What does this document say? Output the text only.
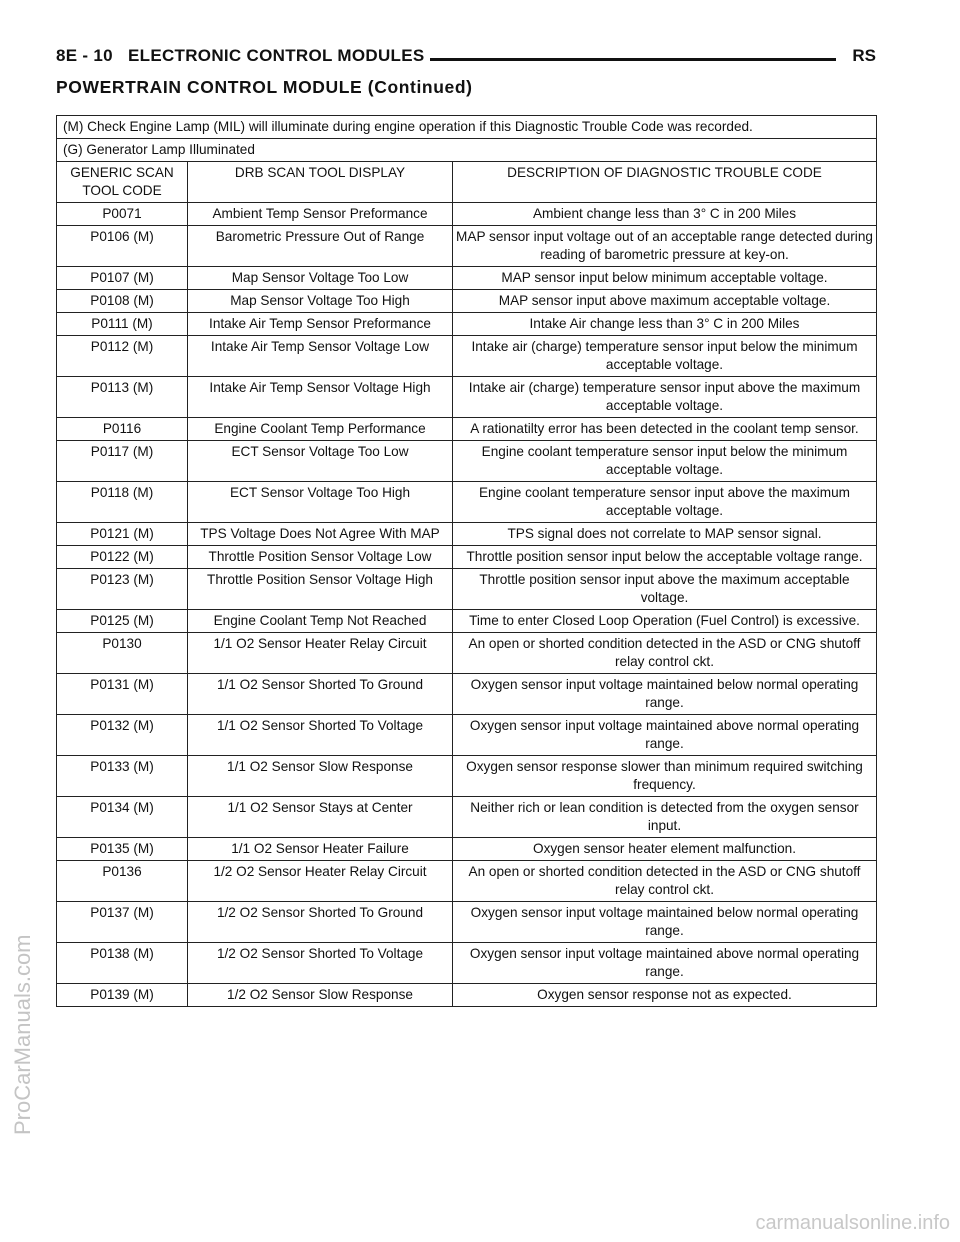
8E - 10 ELECTRONIC CONTROL MODULES	RS
POWERTRAIN CONTROL MODULE (Continued)
(M) Check Engine Lamp (MIL) will illuminate during engine operation if this Diagnostic Trouble Code was recorded.		
(G) Generator Lamp Illuminated		
GENERIC SCAN TOOL CODE	DRB SCAN TOOL DISPLAY	DESCRIPTION OF DIAGNOSTIC TROUBLE CODE
P0071	Ambient Temp Sensor Preformance	Ambient change less than 3° C in 200 Miles
P0106 (M)	Barometric Pressure Out of Range	MAP sensor input voltage out of an acceptable range detected during reading of barometric pressure at key-on.
P0107 (M)	Map Sensor Voltage Too Low	MAP sensor input below minimum acceptable voltage.
P0108 (M)	Map Sensor Voltage Too High	MAP sensor input above maximum acceptable voltage.
P0111 (M)	Intake Air Temp Sensor Preformance	Intake Air change less than 3° C in 200 Miles
P0112 (M)	Intake Air Temp Sensor Voltage Low	Intake air (charge) temperature sensor input below the minimum acceptable voltage.
P0113 (M)	Intake Air Temp Sensor Voltage High	Intake air (charge) temperature sensor input above the maximum acceptable voltage.
P0116	Engine Coolant Temp Performance	A rationatilty error has been detected in the coolant temp sensor.
P0117 (M)	ECT Sensor Voltage Too Low	Engine coolant temperature sensor input below the minimum acceptable voltage.
P0118 (M)	ECT Sensor Voltage Too High	Engine coolant temperature sensor input above the maximum acceptable voltage.
P0121 (M)	TPS Voltage Does Not Agree With MAP	TPS signal does not correlate to MAP sensor signal.
P0122 (M)	Throttle Position Sensor Voltage Low	Throttle position sensor input below the acceptable voltage range.
P0123 (M)	Throttle Position Sensor Voltage High	Throttle position sensor input above the maximum acceptable voltage.
P0125 (M)	Engine Coolant Temp Not Reached	Time to enter Closed Loop Operation (Fuel Control) is excessive.
P0130	1/1 O2 Sensor Heater Relay Circuit	An open or shorted condition detected in the ASD or CNG shutoff relay control ckt.
P0131 (M)	1/1 O2 Sensor Shorted To Ground	Oxygen sensor input voltage maintained below normal operating range.
P0132 (M)	1/1 O2 Sensor Shorted To Voltage	Oxygen sensor input voltage maintained above normal operating range.
P0133 (M)	1/1 O2 Sensor Slow Response	Oxygen sensor response slower than minimum required switching frequency.
P0134 (M)	1/1 O2 Sensor Stays at Center	Neither rich or lean condition is detected from the oxygen sensor input.
P0135 (M)	1/1 O2 Sensor Heater Failure	Oxygen sensor heater element malfunction.
P0136	1/2 O2 Sensor Heater Relay Circuit	An open or shorted condition detected in the ASD or CNG shutoff relay control ckt.
P0137 (M)	1/2 O2 Sensor Shorted To Ground	Oxygen sensor input voltage maintained below normal operating range.
P0138 (M)	1/2 O2 Sensor Shorted To Voltage	Oxygen sensor input voltage maintained above normal operating range.
P0139 (M)	1/2 O2 Sensor Slow Response	Oxygen sensor response not as expected.
ProCarManuals.com
carmanualsonline.info
